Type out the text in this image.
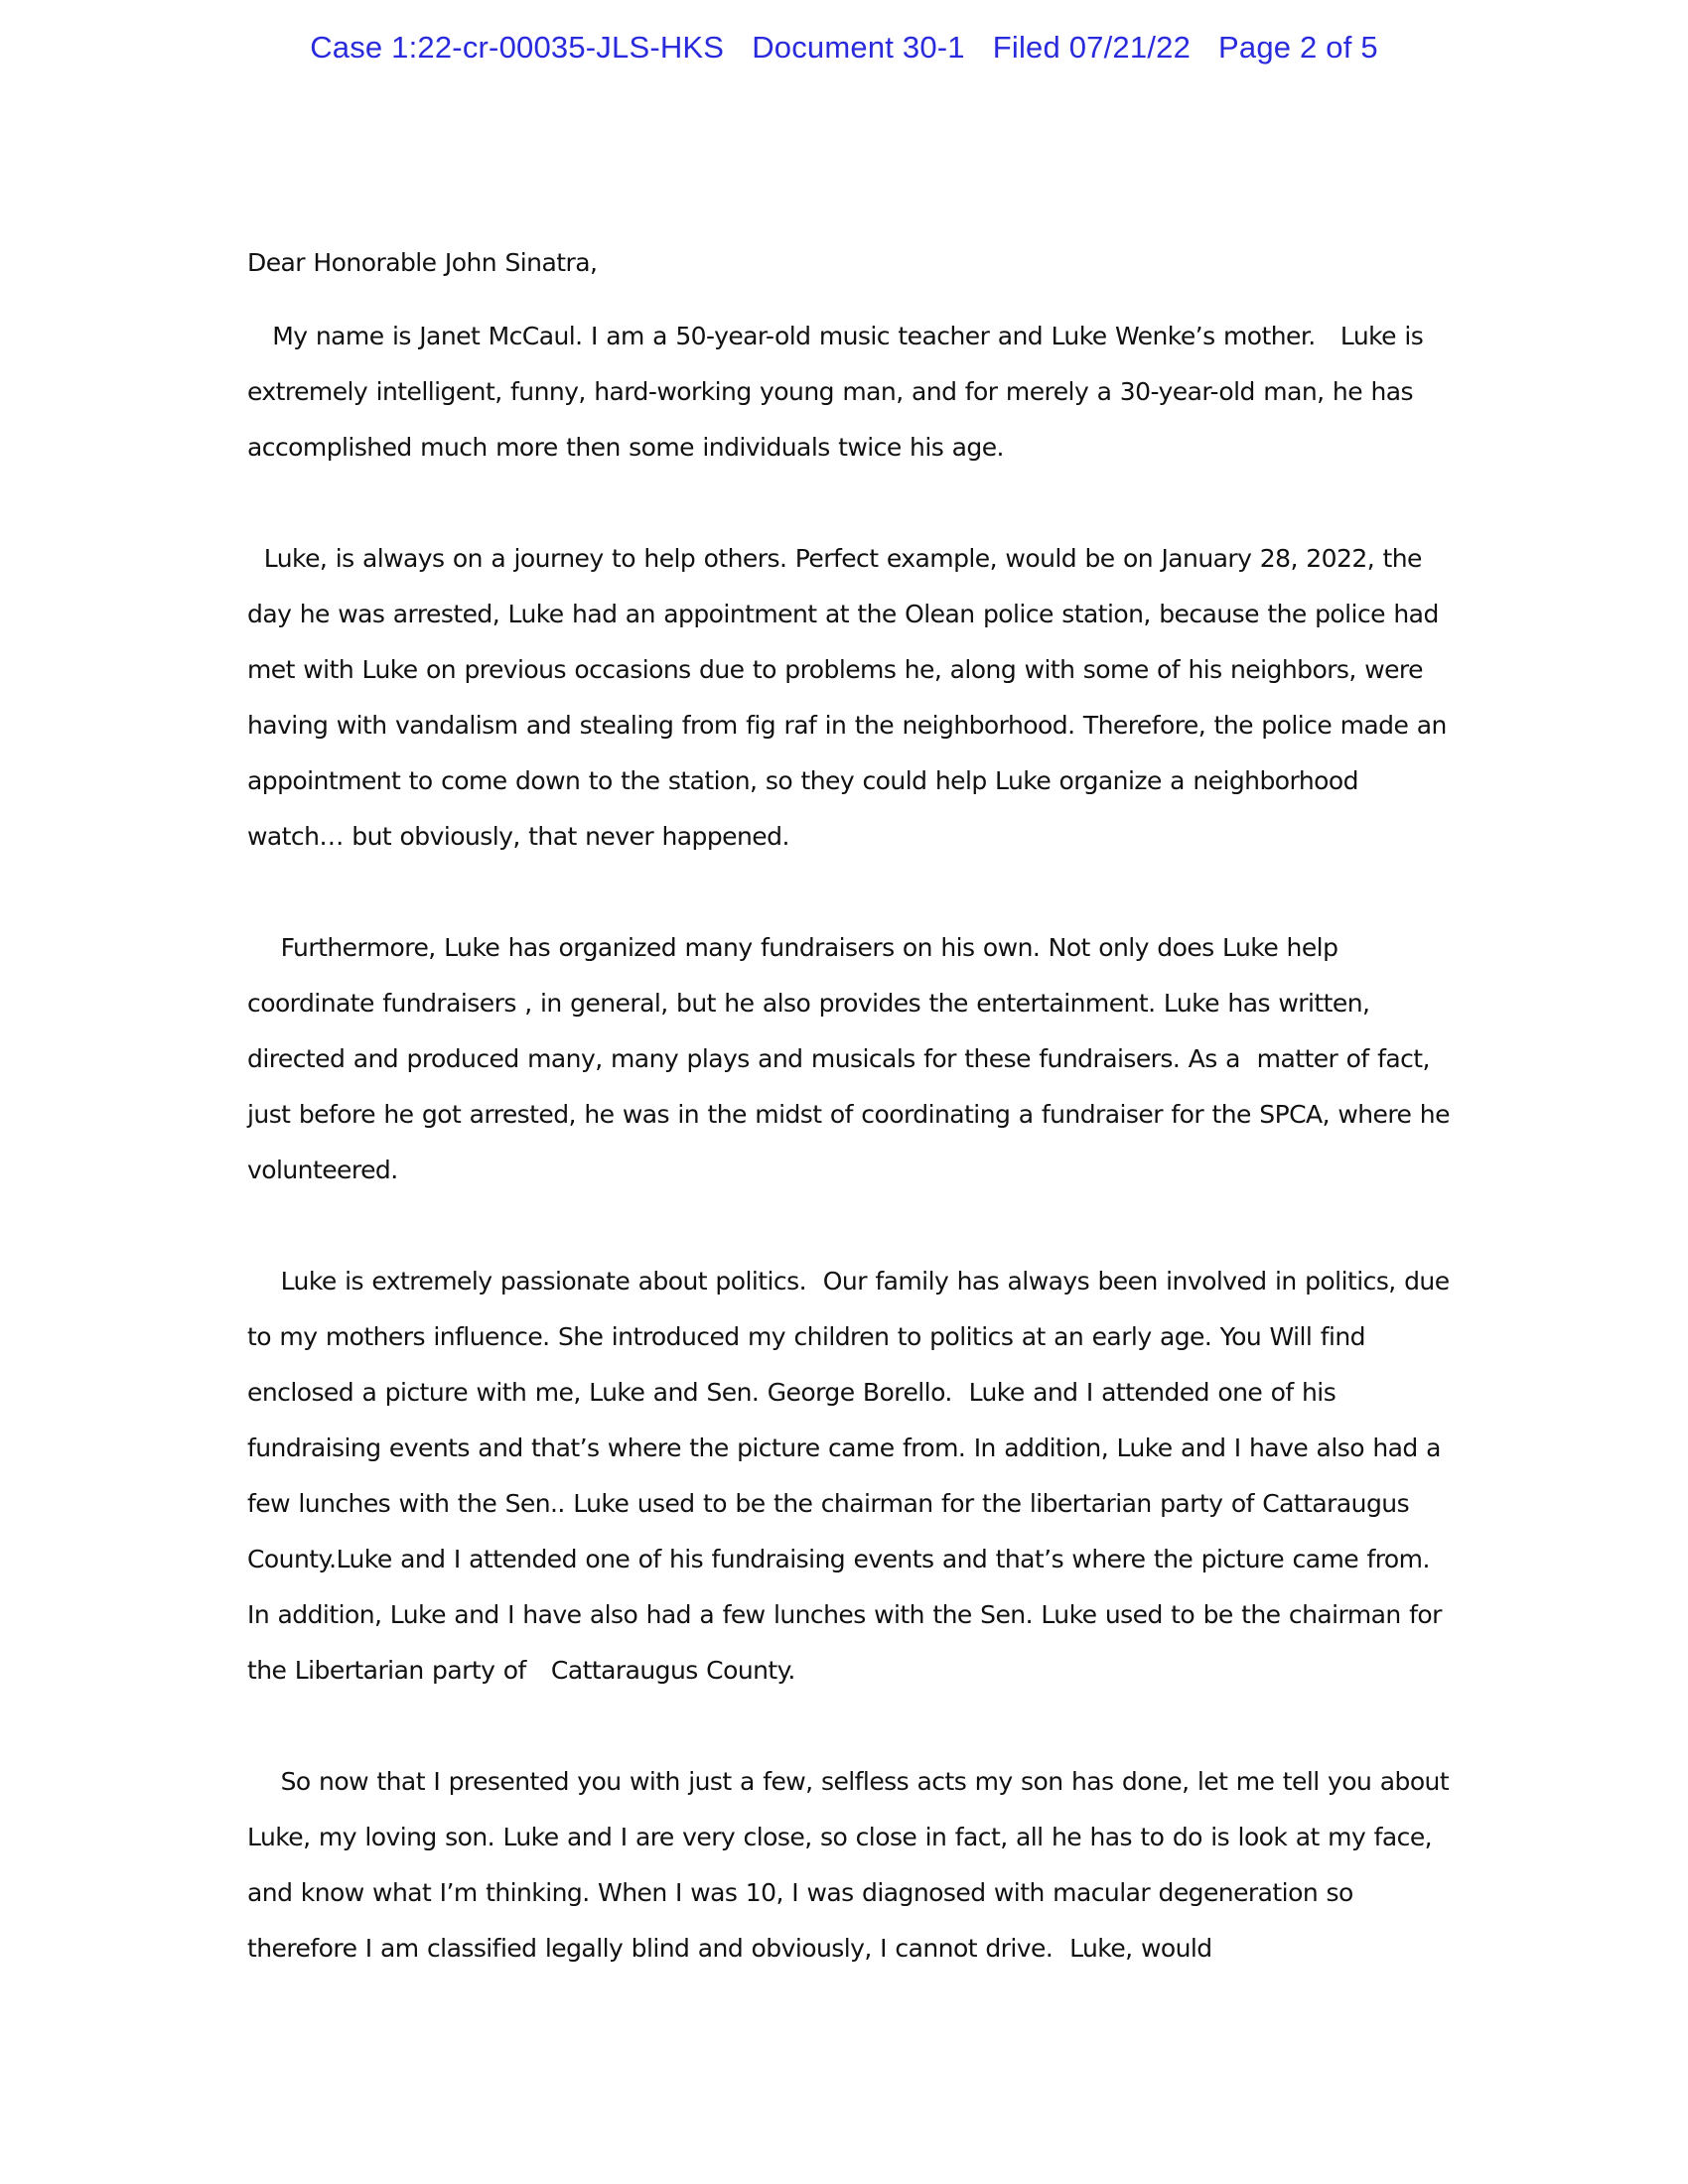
Case 1:22-cr-00035-JLS-HKS Document 30-1 Filed 07/21/22 Page 2 of 5

Dear Honorable John Sinatra,

My name is Janet McCaul. I am a 50-year-old music teacher and Luke Wenke’s mother.   Luke is extremely intelligent, funny, hard-working young man, and for merely a 30-year-old man, he has accomplished much more then some individuals twice his age.

Luke, is always on a journey to help others. Perfect example, would be on January 28, 2022, the day he was arrested, Luke had an appointment at the Olean police station, because the police had met with Luke on previous occasions due to problems he, along with some of his neighbors, were having with vandalism and stealing from fig raf in the neighborhood. Therefore, the police made an appointment to come down to the station, so they could help Luke organize a neighborhood watch… but obviously, that never happened.

Furthermore, Luke has organized many fundraisers on his own. Not only does Luke help coordinate fundraisers , in general, but he also provides the entertainment. Luke has written, directed and produced many, many plays and musicals for these fundraisers. As a  matter of fact, just before he got arrested, he was in the midst of coordinating a fundraiser for the SPCA, where he volunteered.

Luke is extremely passionate about politics.  Our family has always been involved in politics, due to my mothers influence. She introduced my children to politics at an early age. You Will find enclosed a picture with me, Luke and Sen. George Borello.  Luke and I attended one of his fundraising events and that’s where the picture came from. In addition, Luke and I have also had a few lunches with the Sen.. Luke used to be the chairman for the libertarian party of Cattaraugus County.Luke and I attended one of his fundraising events and that’s where the picture came from. In addition, Luke and I have also had a few lunches with the Sen. Luke used to be the chairman for the Libertarian party of   Cattaraugus County.

So now that I presented you with just a few, selfless acts my son has done, let me tell you about Luke, my loving son. Luke and I are very close, so close in fact, all he has to do is look at my face, and know what I’m thinking. When I was 10, I was diagnosed with macular degeneration so therefore I am classified legally blind and obviously, I cannot drive.  Luke, would
